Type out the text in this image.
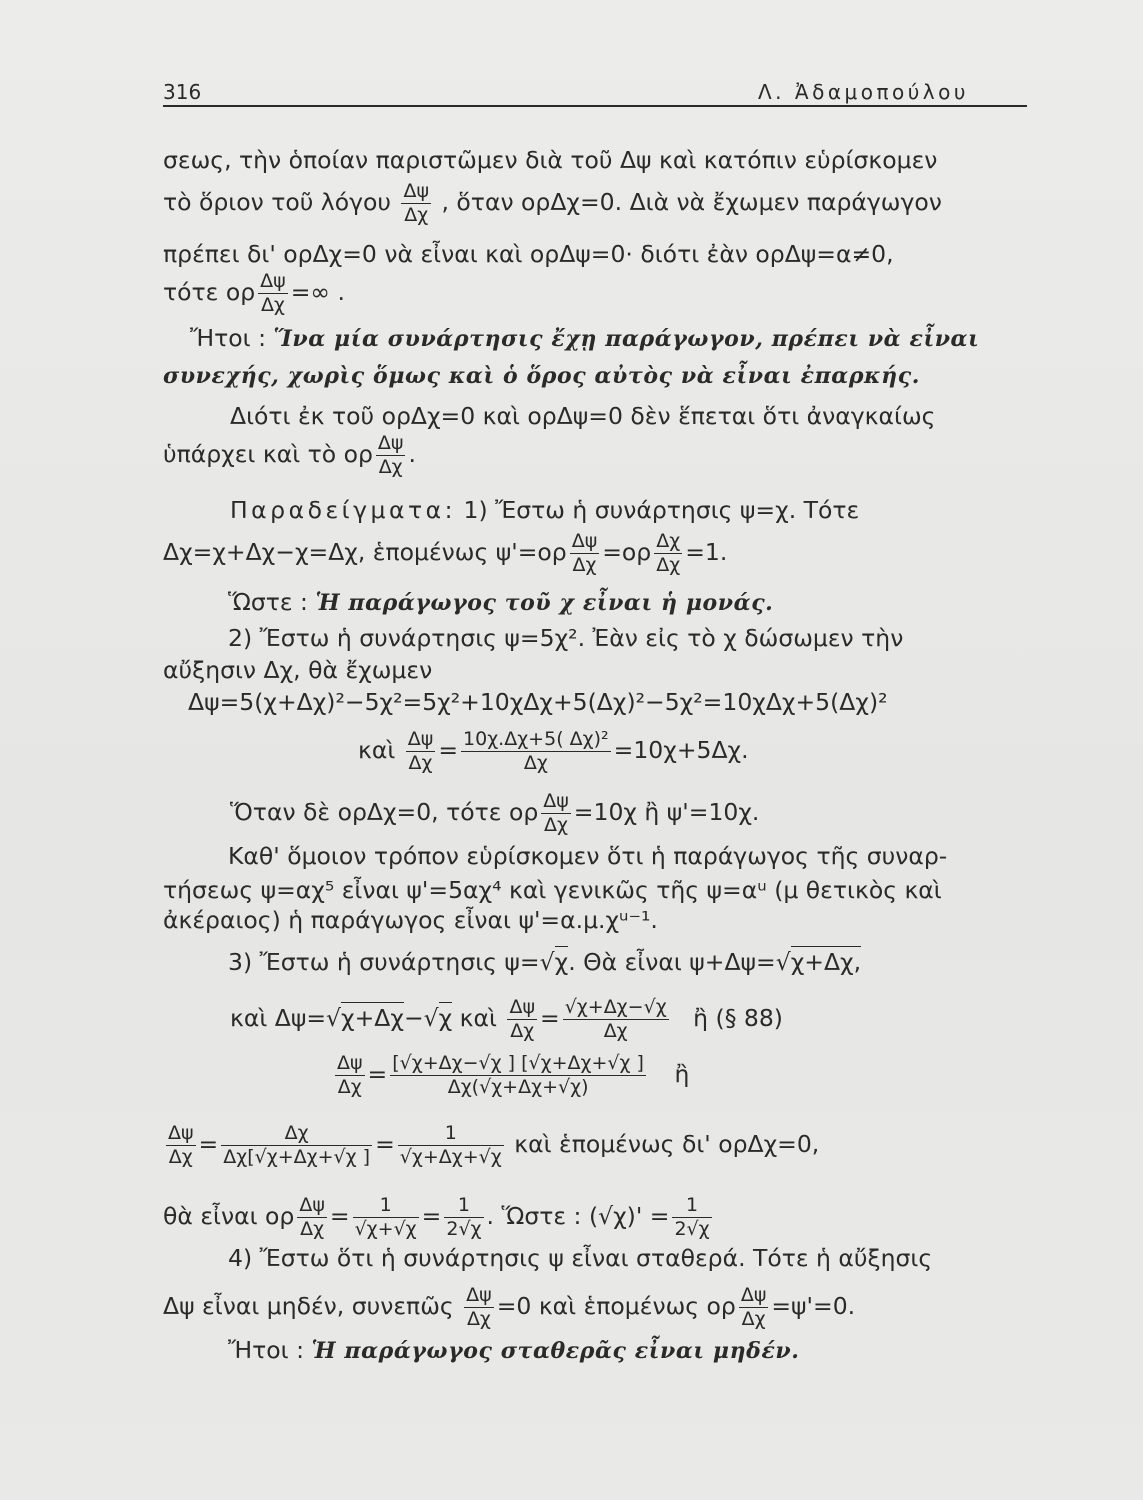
316	Λ. Ἀδαμοπούλου
σεως, τὴν ὁποίαν παριστῶμεν διὰ τοῦ Δψ καὶ κατόπιν εὑρίσκομεν
τὸ ὅριον τοῦ λόγου $\frac{\Delta\psi}{\Delta\chi}$ , ὅταν ορΔχ=0. Διὰ νὰ ἔχωμεν παράγωγον
πρέπει δι' ορΔχ=0 νὰ εἶναι καὶ ορΔψ=0· διότι ἐὰν ορΔψ=α≠0,
τότε ορ $\frac{\Delta\psi}{\Delta\chi}$ =∞ .
Ἤτοι : Ἵνα μία συνάρτησις ἔχῃ παράγωγον, πρέπει νὰ εἶναι
συνεχής, χωρὶς ὅμως καὶ ὁ ὅρος αὐτὸς νὰ εἶναι ἐπαρκής.
Διότι ἐκ τοῦ ορΔχ=0 καὶ ορΔψ=0 δὲν ἕπεται ὅτι ἀναγκαίως
ὑπάρχει καὶ τὸ ορ $\frac{\Delta\psi}{\Delta\chi}$ .
Παραδείγματα: 1) Ἔστω ἡ συνάρτησις ψ=χ. Τότε
Δχ=χ+Δχ−χ=Δχ, ἑπομένως $\psi'=o\rho \frac{\Delta\psi}{\Delta\chi} =o\rho \frac{\Delta\chi}{\Delta\chi} =1$.
Ὥστε : Ἡ παράγωγος τοῦ χ εἶναι ἡ μονάς.
2) Ἔστω ἡ συνάρτησις ψ=5χ². Ἐὰν εἰς τὸ χ δώσωμεν τὴν
αὔξησιν Δχ, θὰ ἔχωμεν
Δψ=5(χ+Δχ)²−5χ²=5χ²+10χΔχ+5(Δχ)²−5χ²=10χΔχ+5(Δχ)²
καὶ $\frac{\Delta\psi}{\Delta\chi} = \frac{\text{10χ.Δχ+5( Δχ)²}}{\Delta\chi} =10\chi+5\Delta\chi$.
Ὅταν δὲ ορΔχ=0, τότε ορ $\frac{\Delta\psi}{\Delta\chi} =10\chi$ ἢ ψ'=10χ.
Καθ' ὅμοιον τρόπον εὑρίσκομεν ὅτι ἡ παράγωγος τῆς συναρ-
τήσεως ψ=αχ⁵ εἶναι ψ'=5αχ⁴ καὶ γενικῶς τῆς ψ=αᵘ (μ θετικὸς καὶ
ἀκέραιος) ἡ παράγωγος εἶναι ψ'=α.μ.χᵘ⁻¹.
3) Ἔστω ἡ συνάρτησις ψ=√χ. Θὰ εἶναι ψ+Δψ=√χ+Δχ,
καὶ Δψ=√χ+Δχ−√χ καὶ $\frac{\Delta\psi}{\Delta\chi} = \frac{√\chi+\Delta\chi-√\chi}{\Delta\chi}$ ἢ (§ 88)
$\frac{\Delta\psi}{\Delta\chi} = \frac{[√\chi+\Delta\chi-√\chi ] [√\chi+\Delta\chi+√\chi ]}{\Delta\chi(√\chi+\Delta\chi+√\chi)}$ ἢ
$\frac{\Delta\psi}{\Delta\chi} = \frac{\Delta\chi}{\Delta\chi[√\chi+\Delta\chi+√\chi ]} = \frac{1}{√\chi+\Delta\chi+√\chi}$ καὶ ἑπομένως δι' ορΔχ=0,
θὰ εἶναι ορ $\frac{\Delta\psi}{\Delta\chi} = \frac{1}{√\chi+√\chi} = \frac{1}{2√\chi}$ . Ὥστε : $(√\chi)' = \frac{1}{2√\chi}$
4) Ἔστω ὅτι ἡ συνάρτησις ψ εἶναι σταθερά. Τότε ἡ αὔξησις
Δψ εἶναι μηδέν, συνεπῶς $\frac{\Delta\psi}{\Delta\chi} =0$ καὶ ἑπομένως ορ $\frac{\Delta\psi}{\Delta\chi} =\psi'=0$.
Ἤτοι : Ἡ παράγωγος σταθερᾶς εἶναι μηδέν.
